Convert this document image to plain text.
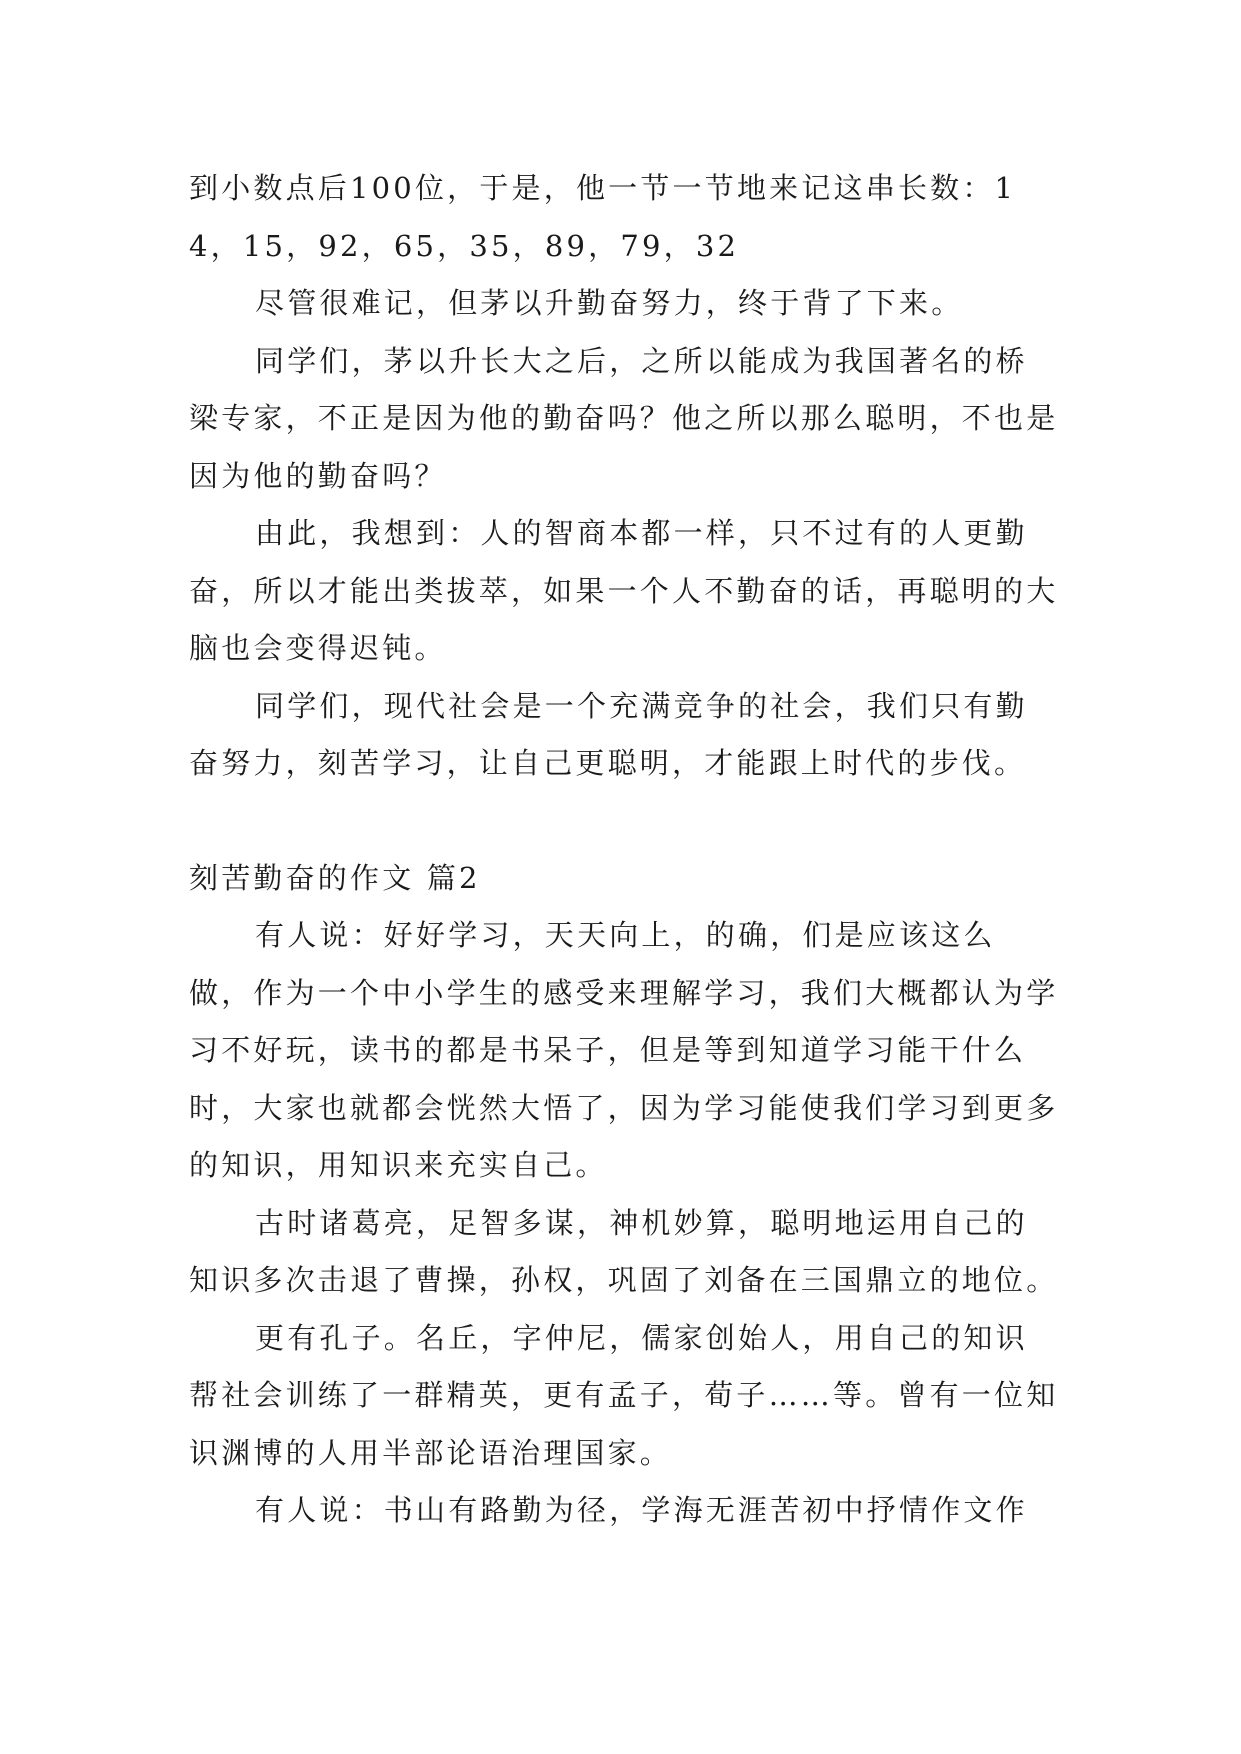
到小数点后100位，于是，他一节一节地来记这串长数：14，15，92，65，35，89，79，32

尽管很难记，但茅以升勤奋努力，终于背了下来。

同学们，茅以升长大之后，之所以能成为我国著名的桥梁专家，不正是因为他的勤奋吗？他之所以那么聪明，不也是因为他的勤奋吗？

由此，我想到：人的智商本都一样，只不过有的人更勤奋，所以才能出类拔萃，如果一个人不勤奋的话，再聪明的大脑也会变得迟钝。

同学们，现代社会是一个充满竞争的社会，我们只有勤奋努力，刻苦学习，让自己更聪明，才能跟上时代的步伐。

刻苦勤奋的作文 篇2

有人说：好好学习，天天向上，的确，们是应该这么做，作为一个中小学生的感受来理解学习，我们大概都认为学习不好玩，读书的都是书呆子，但是等到知道学习能干什么时，大家也就都会恍然大悟了，因为学习能使我们学习到更多的知识，用知识来充实自己。

古时诸葛亮，足智多谋，神机妙算，聪明地运用自己的知识多次击退了曹操，孙权，巩固了刘备在三国鼎立的地位。

更有孔子。名丘，字仲尼，儒家创始人，用自己的知识帮社会训练了一群精英，更有孟子，荀子……等。曾有一位知识渊博的人用半部论语治理国家。

有人说：书山有路勤为径，学海无涯苦初中抒情作文作
